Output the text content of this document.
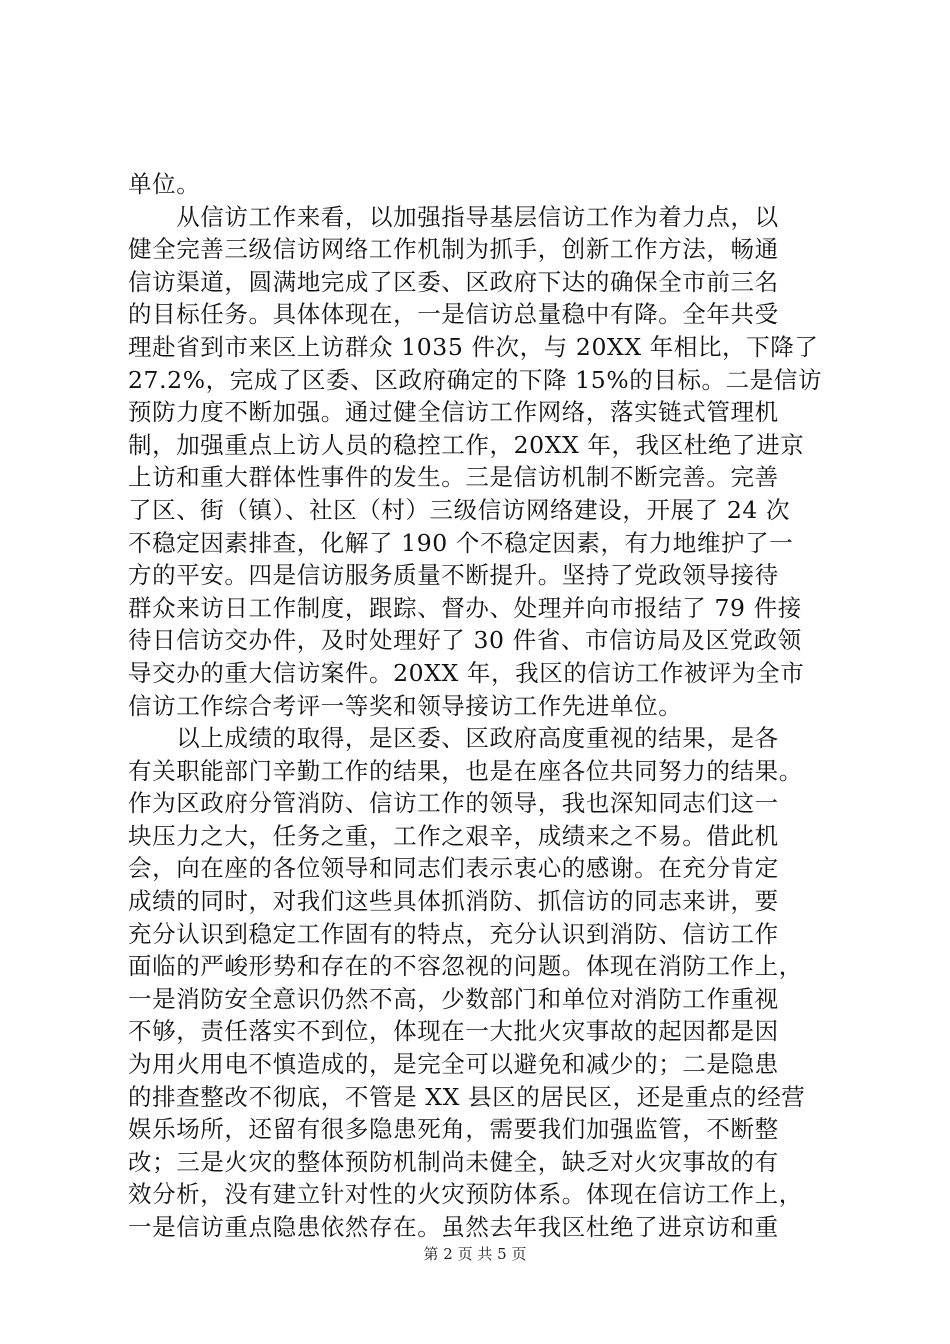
单位。
　　从信访工作来看，以加强指导基层信访工作为着力点，以
健全完善三级信访网络工作机制为抓手，创新工作方法，畅通
信访渠道，圆满地完成了区委、区政府下达的确保全市前三名
的目标任务。具体体现在，一是信访总量稳中有降。全年共受
理赴省到市来区上访群众 1035 件次，与 20XX 年相比，下降了
27.2%，完成了区委、区政府确定的下降 15%的目标。二是信访
预防力度不断加强。通过健全信访工作网络，落实链式管理机
制，加强重点上访人员的稳控工作，20XX 年，我区杜绝了进京
上访和重大群体性事件的发生。三是信访机制不断完善。完善
了区、街（镇）、社区（村）三级信访网络建设，开展了 24 次
不稳定因素排查，化解了 190 个不稳定因素，有力地维护了一
方的平安。四是信访服务质量不断提升。坚持了党政领导接待
群众来访日工作制度，跟踪、督办、处理并向市报结了 79 件接
待日信访交办件，及时处理好了 30 件省、市信访局及区党政领
导交办的重大信访案件。20XX 年，我区的信访工作被评为全市
信访工作综合考评一等奖和领导接访工作先进单位。
　　以上成绩的取得，是区委、区政府高度重视的结果，是各
有关职能部门辛勤工作的结果，也是在座各位共同努力的结果。
作为区政府分管消防、信访工作的领导，我也深知同志们这一
块压力之大，任务之重，工作之艰辛，成绩来之不易。借此机
会，向在座的各位领导和同志们表示衷心的感谢。在充分肯定
成绩的同时，对我们这些具体抓消防、抓信访的同志来讲，要
充分认识到稳定工作固有的特点，充分认识到消防、信访工作
面临的严峻形势和存在的不容忽视的问题。体现在消防工作上，
一是消防安全意识仍然不高，少数部门和单位对消防工作重视
不够，责任落实不到位，体现在一大批火灾事故的起因都是因
为用火用电不慎造成的，是完全可以避免和减少的；二是隐患
的排查整改不彻底，不管是 XX 县区的居民区，还是重点的经营
娱乐场所，还留有很多隐患死角，需要我们加强监管，不断整
改；三是火灾的整体预防机制尚未健全，缺乏对火灾事故的有
效分析，没有建立针对性的火灾预防体系。体现在信访工作上，
一是信访重点隐患依然存在。虽然去年我区杜绝了进京访和重
第 2 页 共 5 页
